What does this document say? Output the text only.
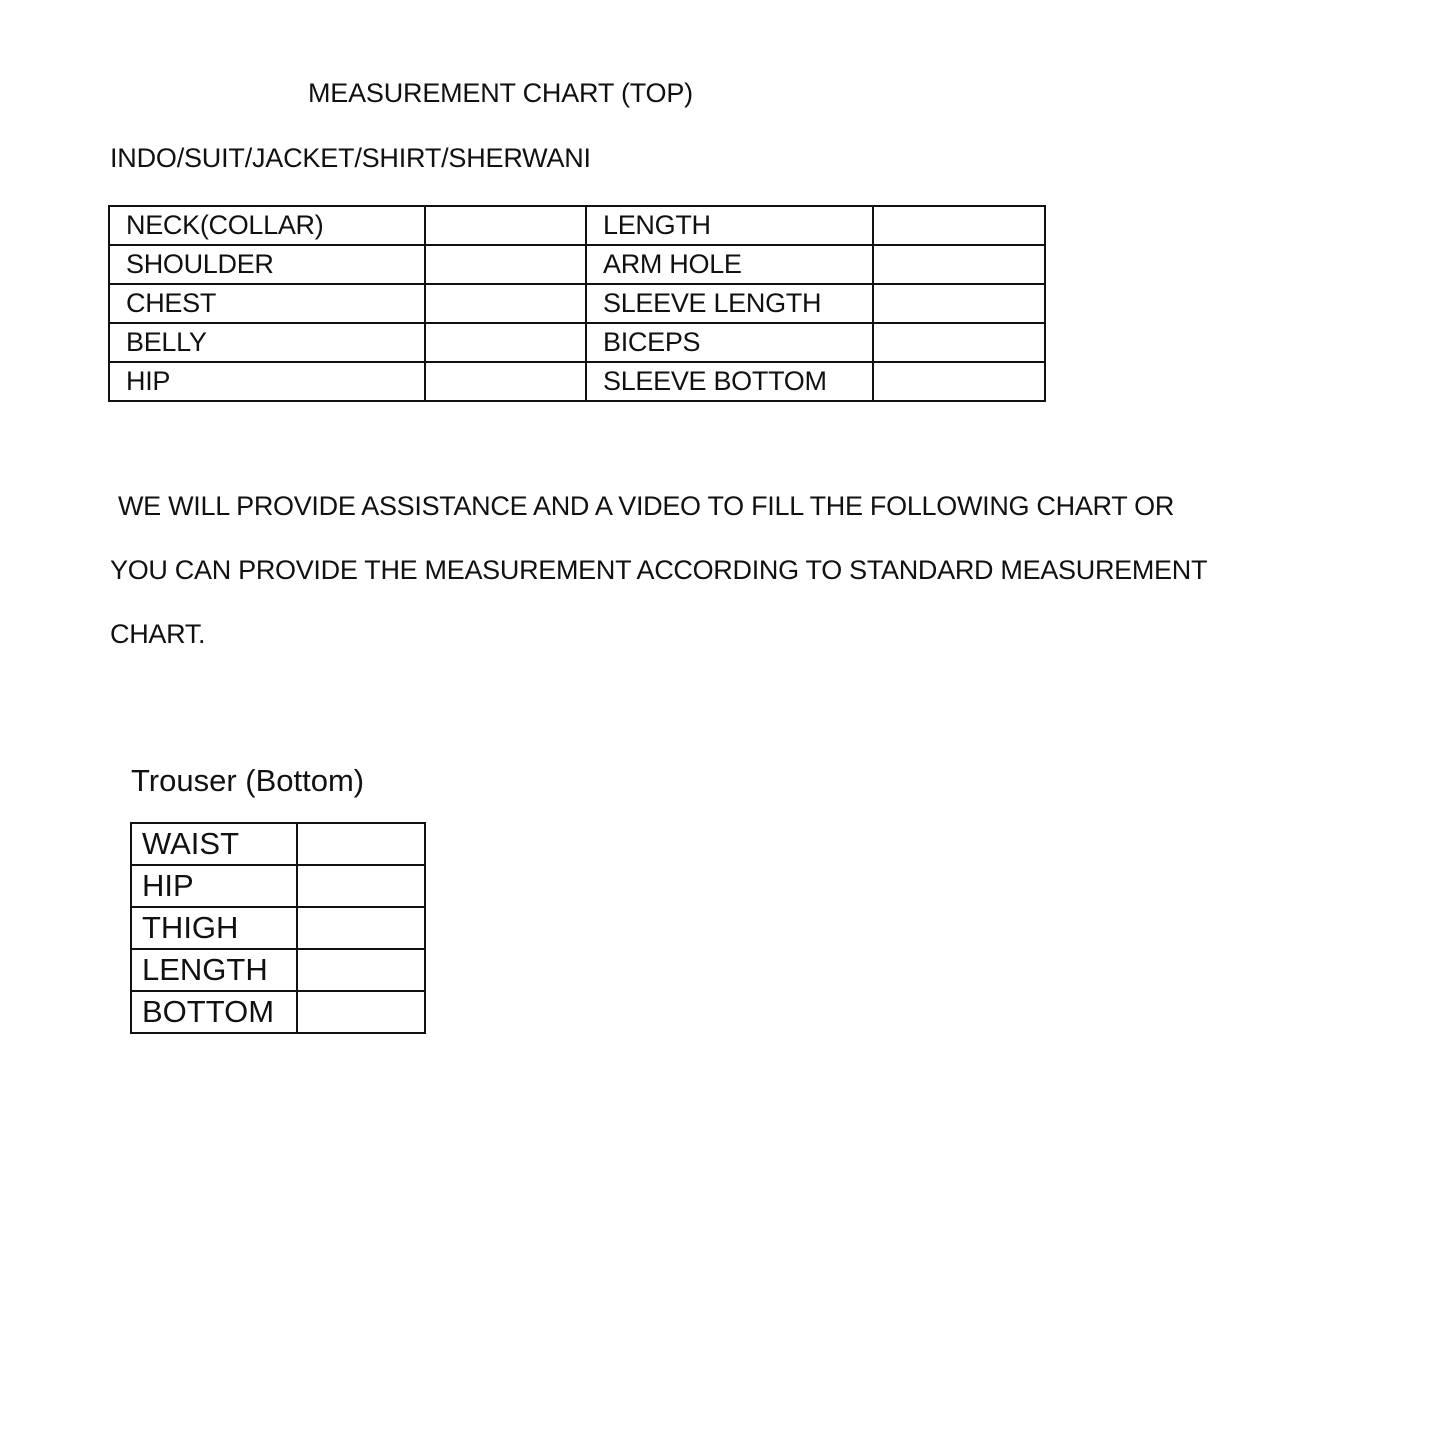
MEASUREMENT CHART (TOP)
INDO/SUIT/JACKET/SHIRT/SHERWANI
NECK(COLLAR)		LENGTH	
SHOULDER		ARM HOLE	
CHEST		SLEEVE LENGTH	
BELLY		BICEPS	
HIP		SLEEVE BOTTOM	
WE WILL PROVIDE ASSISTANCE AND A VIDEO TO FILL THE FOLLOWING CHART OR
YOU CAN PROVIDE THE MEASUREMENT ACCORDING TO STANDARD MEASUREMENT
CHART.
Trouser (Bottom)
WAIST	
HIP	
THIGH	
LENGTH	
BOTTOM	
